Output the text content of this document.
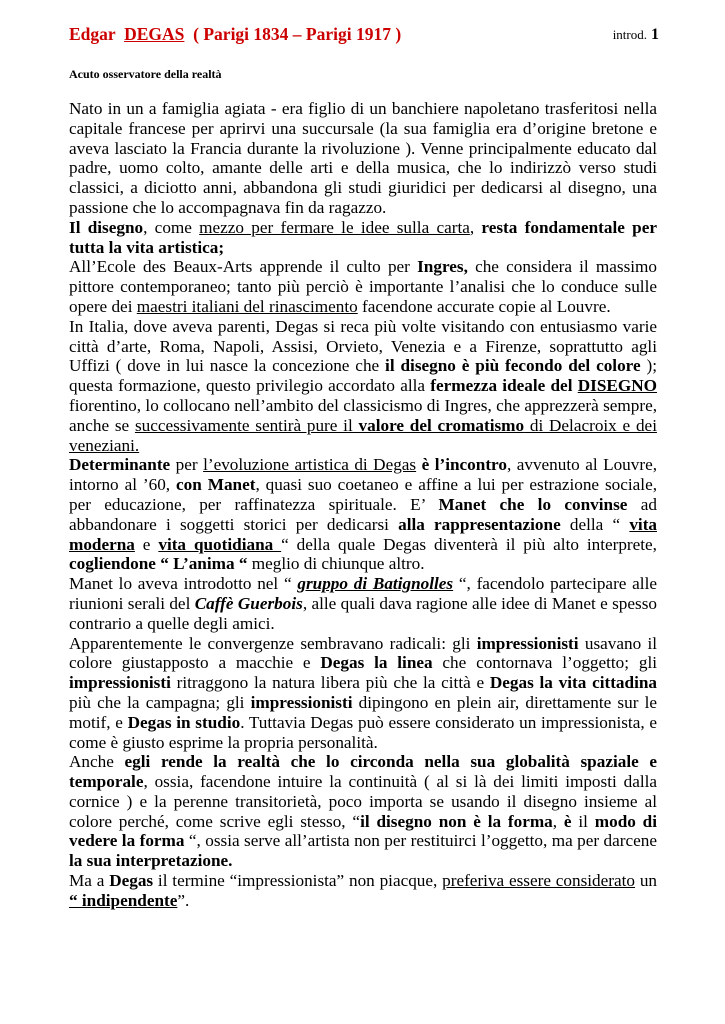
Edgar  DEGAS  ( Parigi 1834 – Parigi 1917 )	introd. 1
Acuto osservatore della realtà

Nato in un a famiglia agiata - era figlio di un banchiere napoletano trasferitosi nella capitale francese per aprirvi una succursale (la sua famiglia era d’origine bretone e aveva lasciato la Francia durante la rivoluzione ). Venne principalmente educato dal padre, uomo colto, amante delle arti e della musica, che lo indirizzò verso studi classici, a diciotto anni, abbandona gli studi giuridici per dedicarsi al disegno, una passione che lo accompagnava fin da ragazzo.

Il disegno, come mezzo per fermare le idee sulla carta, resta fondamentale per tutta la vita artistica;

All’Ecole des Beaux-Arts apprende il culto per Ingres, che considera il massimo pittore contemporaneo; tanto più perciò è importante l’analisi che lo conduce sulle opere dei maestri italiani del rinascimento facendone accurate copie al Louvre.

In Italia, dove aveva parenti, Degas si reca più volte visitando con entusiasmo varie città d’arte, Roma, Napoli, Assisi, Orvieto, Venezia e a Firenze, soprattutto agli Uffizi ( dove in lui nasce la concezione che il disegno è più fecondo del colore ); questa formazione, questo privilegio accordato alla fermezza ideale del DISEGNO fiorentino, lo collocano nell’ambito del classicismo di Ingres, che apprezzerà sempre, anche se successivamente sentirà pure il valore del cromatismo di Delacroix e dei veneziani.

Determinante per l’evoluzione artistica di Degas è l’incontro, avvenuto al Louvre, intorno al ’60, con Manet, quasi suo coetaneo e affine a lui per estrazione sociale, per educazione, per raffinatezza spirituale. E’ Manet che lo convinse ad abbandonare i soggetti storici per dedicarsi alla rappresentazione della “ vita moderna e vita quotidiana “ della quale Degas diventerà il più alto interprete, cogliendone “ L’anima “ meglio di chiunque altro.

Manet lo aveva introdotto nel “ gruppo di Batignolles “, facendolo partecipare alle riunioni serali del Caffè Guerbois, alle quali dava ragione alle idee di Manet e spesso contrario a quelle degli amici.

Apparentemente le convergenze sembravano radicali: gli impressionisti usavano il colore giustapposto a macchie e Degas la linea che contornava l’oggetto; gli impressionisti ritraggono la natura libera più che la città e Degas la vita cittadina più che la campagna; gli impressionisti dipingono en plein air, direttamente sur le motif, e Degas in studio. Tuttavia Degas può essere considerato un impressionista, e come è giusto esprime la propria personalità.

Anche egli rende la realtà che lo circonda nella sua globalità spaziale e temporale, ossia, facendone intuire la continuità ( al si là dei limiti imposti dalla cornice ) e la perenne transitorietà, poco importa se usando il disegno insieme al colore perché, come scrive egli stesso, “il disegno non è la forma, è il modo di vedere la forma “, ossia serve all’artista non per restituirci l’oggetto, ma per darcene la sua interpretazione.

Ma a Degas il termine “impressionista” non piacque, preferiva essere considerato un “ indipendente”.
